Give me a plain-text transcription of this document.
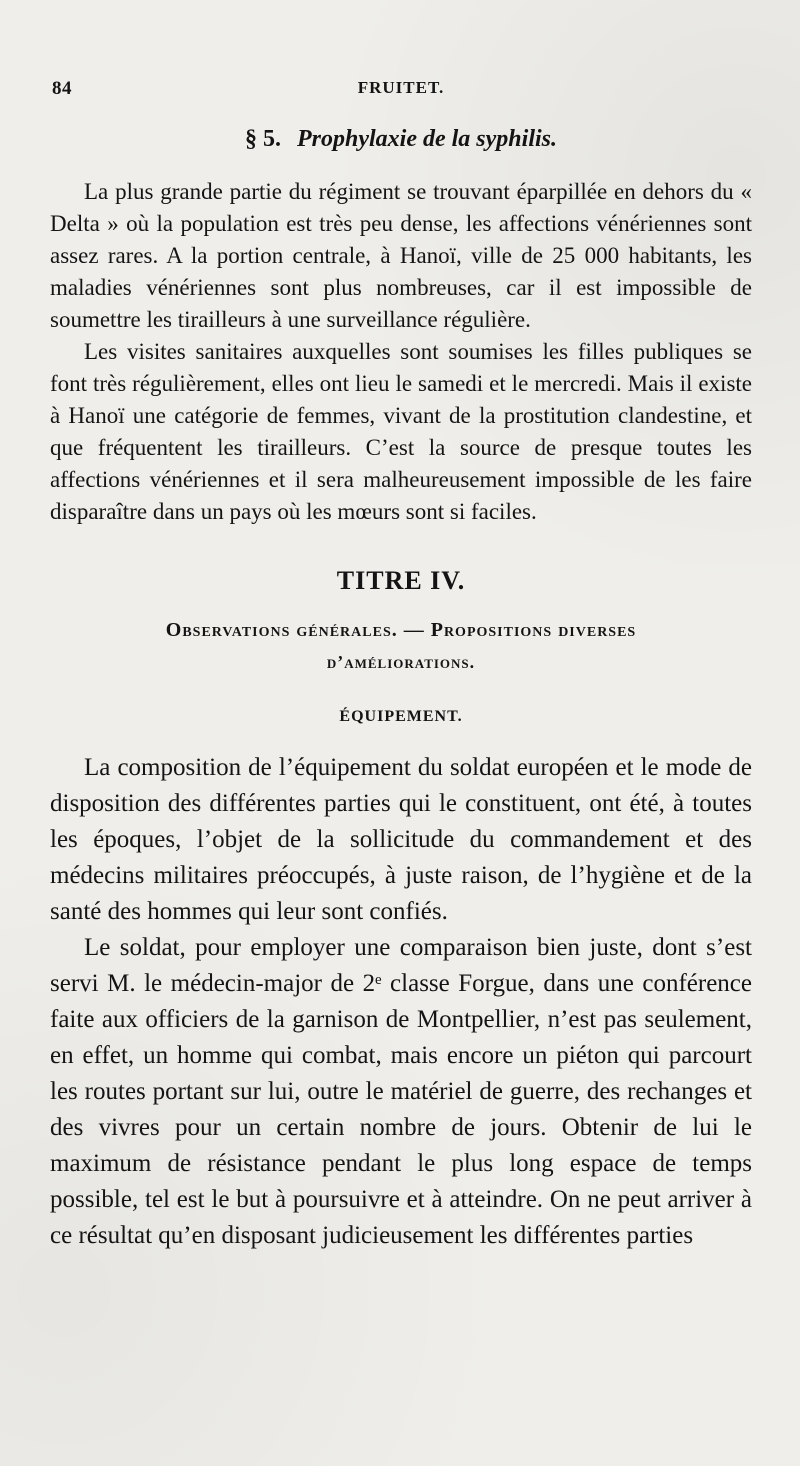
84	FRUITET.
§ 5. Prophylaxie de la syphilis.

La plus grande partie du régiment se trouvant éparpillée en dehors du « Delta » où la population est très peu dense, les affections vénériennes sont assez rares. A la portion centrale, à Hanoï, ville de 25 000 habitants, les maladies vénériennes sont plus nombreuses, car il est impossible de soumettre les tirailleurs à une surveillance régulière.

Les visites sanitaires auxquelles sont soumises les filles publiques se font très régulièrement, elles ont lieu le samedi et le mercredi. Mais il existe à Hanoï une catégorie de femmes, vivant de la prostitution clandestine, et que fréquentent les tirailleurs. C’est la source de presque toutes les affections vénériennes et il sera malheureusement impossible de les faire disparaître dans un pays où les mœurs sont si faciles.

TITRE IV.
Observations générales. — Propositions diverses
d’améliorations.
ÉQUIPEMENT.

La composition de l’équipement du soldat européen et le mode de disposition des différentes parties qui le constituent, ont été, à toutes les époques, l’objet de la sollicitude du commandement et des médecins militaires préoccupés, à juste raison, de l’hygiène et de la santé des hommes qui leur sont confiés.

Le soldat, pour employer une comparaison bien juste, dont s’est servi M. le médecin-major de 2ᵉ classe Forgue, dans une conférence faite aux officiers de la garnison de Montpellier, n’est pas seulement, en effet, un homme qui combat, mais encore un piéton qui parcourt les routes portant sur lui, outre le matériel de guerre, des rechanges et des vivres pour un certain nombre de jours. Obtenir de lui le maximum de résistance pendant le plus long espace de temps possible, tel est le but à poursuivre et à atteindre. On ne peut arriver à ce résultat qu’en disposant judicieusement les différentes parties
